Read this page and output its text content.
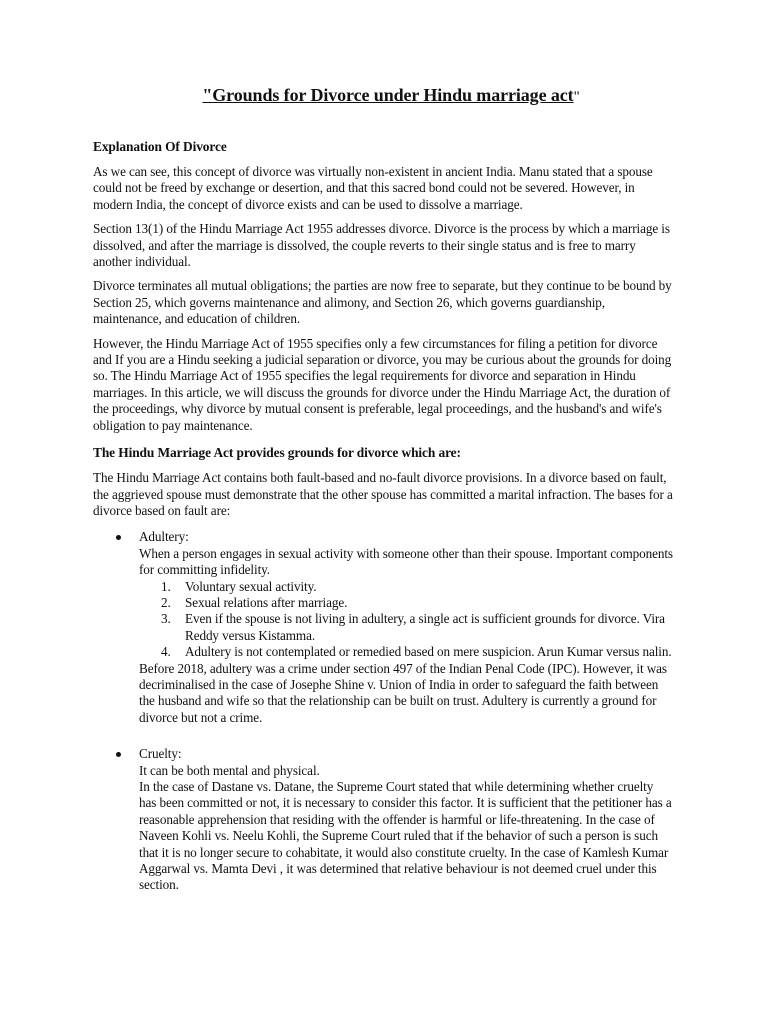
"Grounds for Divorce under Hindu marriage act"
Explanation Of Divorce

As we can see, this concept of divorce was virtually non-existent in ancient India. Manu stated that a spouse could not be freed by exchange or desertion, and that this sacred bond could not be severed. However, in modern India, the concept of divorce exists and can be used to dissolve a marriage.

Section 13(1) of the Hindu Marriage Act 1955 addresses divorce. Divorce is the process by which a marriage is dissolved, and after the marriage is dissolved, the couple reverts to their single status and is free to marry another individual.

Divorce terminates all mutual obligations; the parties are now free to separate, but they continue to be bound by Section 25, which governs maintenance and alimony, and Section 26, which governs guardianship, maintenance, and education of children.

However, the Hindu Marriage Act of 1955 specifies only a few circumstances for filing a petition for divorce and If you are a Hindu seeking a judicial separation or divorce, you may be curious about the grounds for doing so. The Hindu Marriage Act of 1955 specifies the legal requirements for divorce and separation in Hindu marriages. In this article, we will discuss the grounds for divorce under the Hindu Marriage Act, the duration of the proceedings, why divorce by mutual consent is preferable, legal proceedings, and the husband's and wife's obligation to pay maintenance.

The Hindu Marriage Act provides grounds for divorce which are:

The Hindu Marriage Act contains both fault-based and no-fault divorce provisions. In a divorce based on fault, the aggrieved spouse must demonstrate that the other spouse has committed a marital infraction. The bases for a divorce based on fault are:

Adultery:
When a person engages in sexual activity with someone other than their spouse. Important components for committing infidelity.
1.	Voluntary sexual activity.
2.	Sexual relations after marriage.
3.	Even if the spouse is not living in adultery, a single act is sufficient grounds for divorce. Vira Reddy versus Kistamma.
4.	Adultery is not contemplated or remedied based on mere suspicion. Arun Kumar versus nalin.
Before 2018, adultery was a crime under section 497 of the Indian Penal Code (IPC). However, it was decriminalised in the case of Josephe Shine v. Union of India in order to safeguard the faith between the husband and wife so that the relationship can be built on trust. Adultery is currently a ground for divorce but not a crime.
Cruelty:
It can be both mental and physical.
In the case of Dastane vs. Datane, the Supreme Court stated that while determining whether cruelty has been committed or not, it is necessary to consider this factor. It is sufficient that the petitioner has a reasonable apprehension that residing with the offender is harmful or life-threatening. In the case of Naveen Kohli vs. Neelu Kohli, the Supreme Court ruled that if the behavior of such a person is such that it is no longer secure to cohabitate, it would also constitute cruelty. In the case of Kamlesh Kumar Aggarwal vs. Mamta Devi , it was determined that relative behaviour is not deemed cruel under this section.
